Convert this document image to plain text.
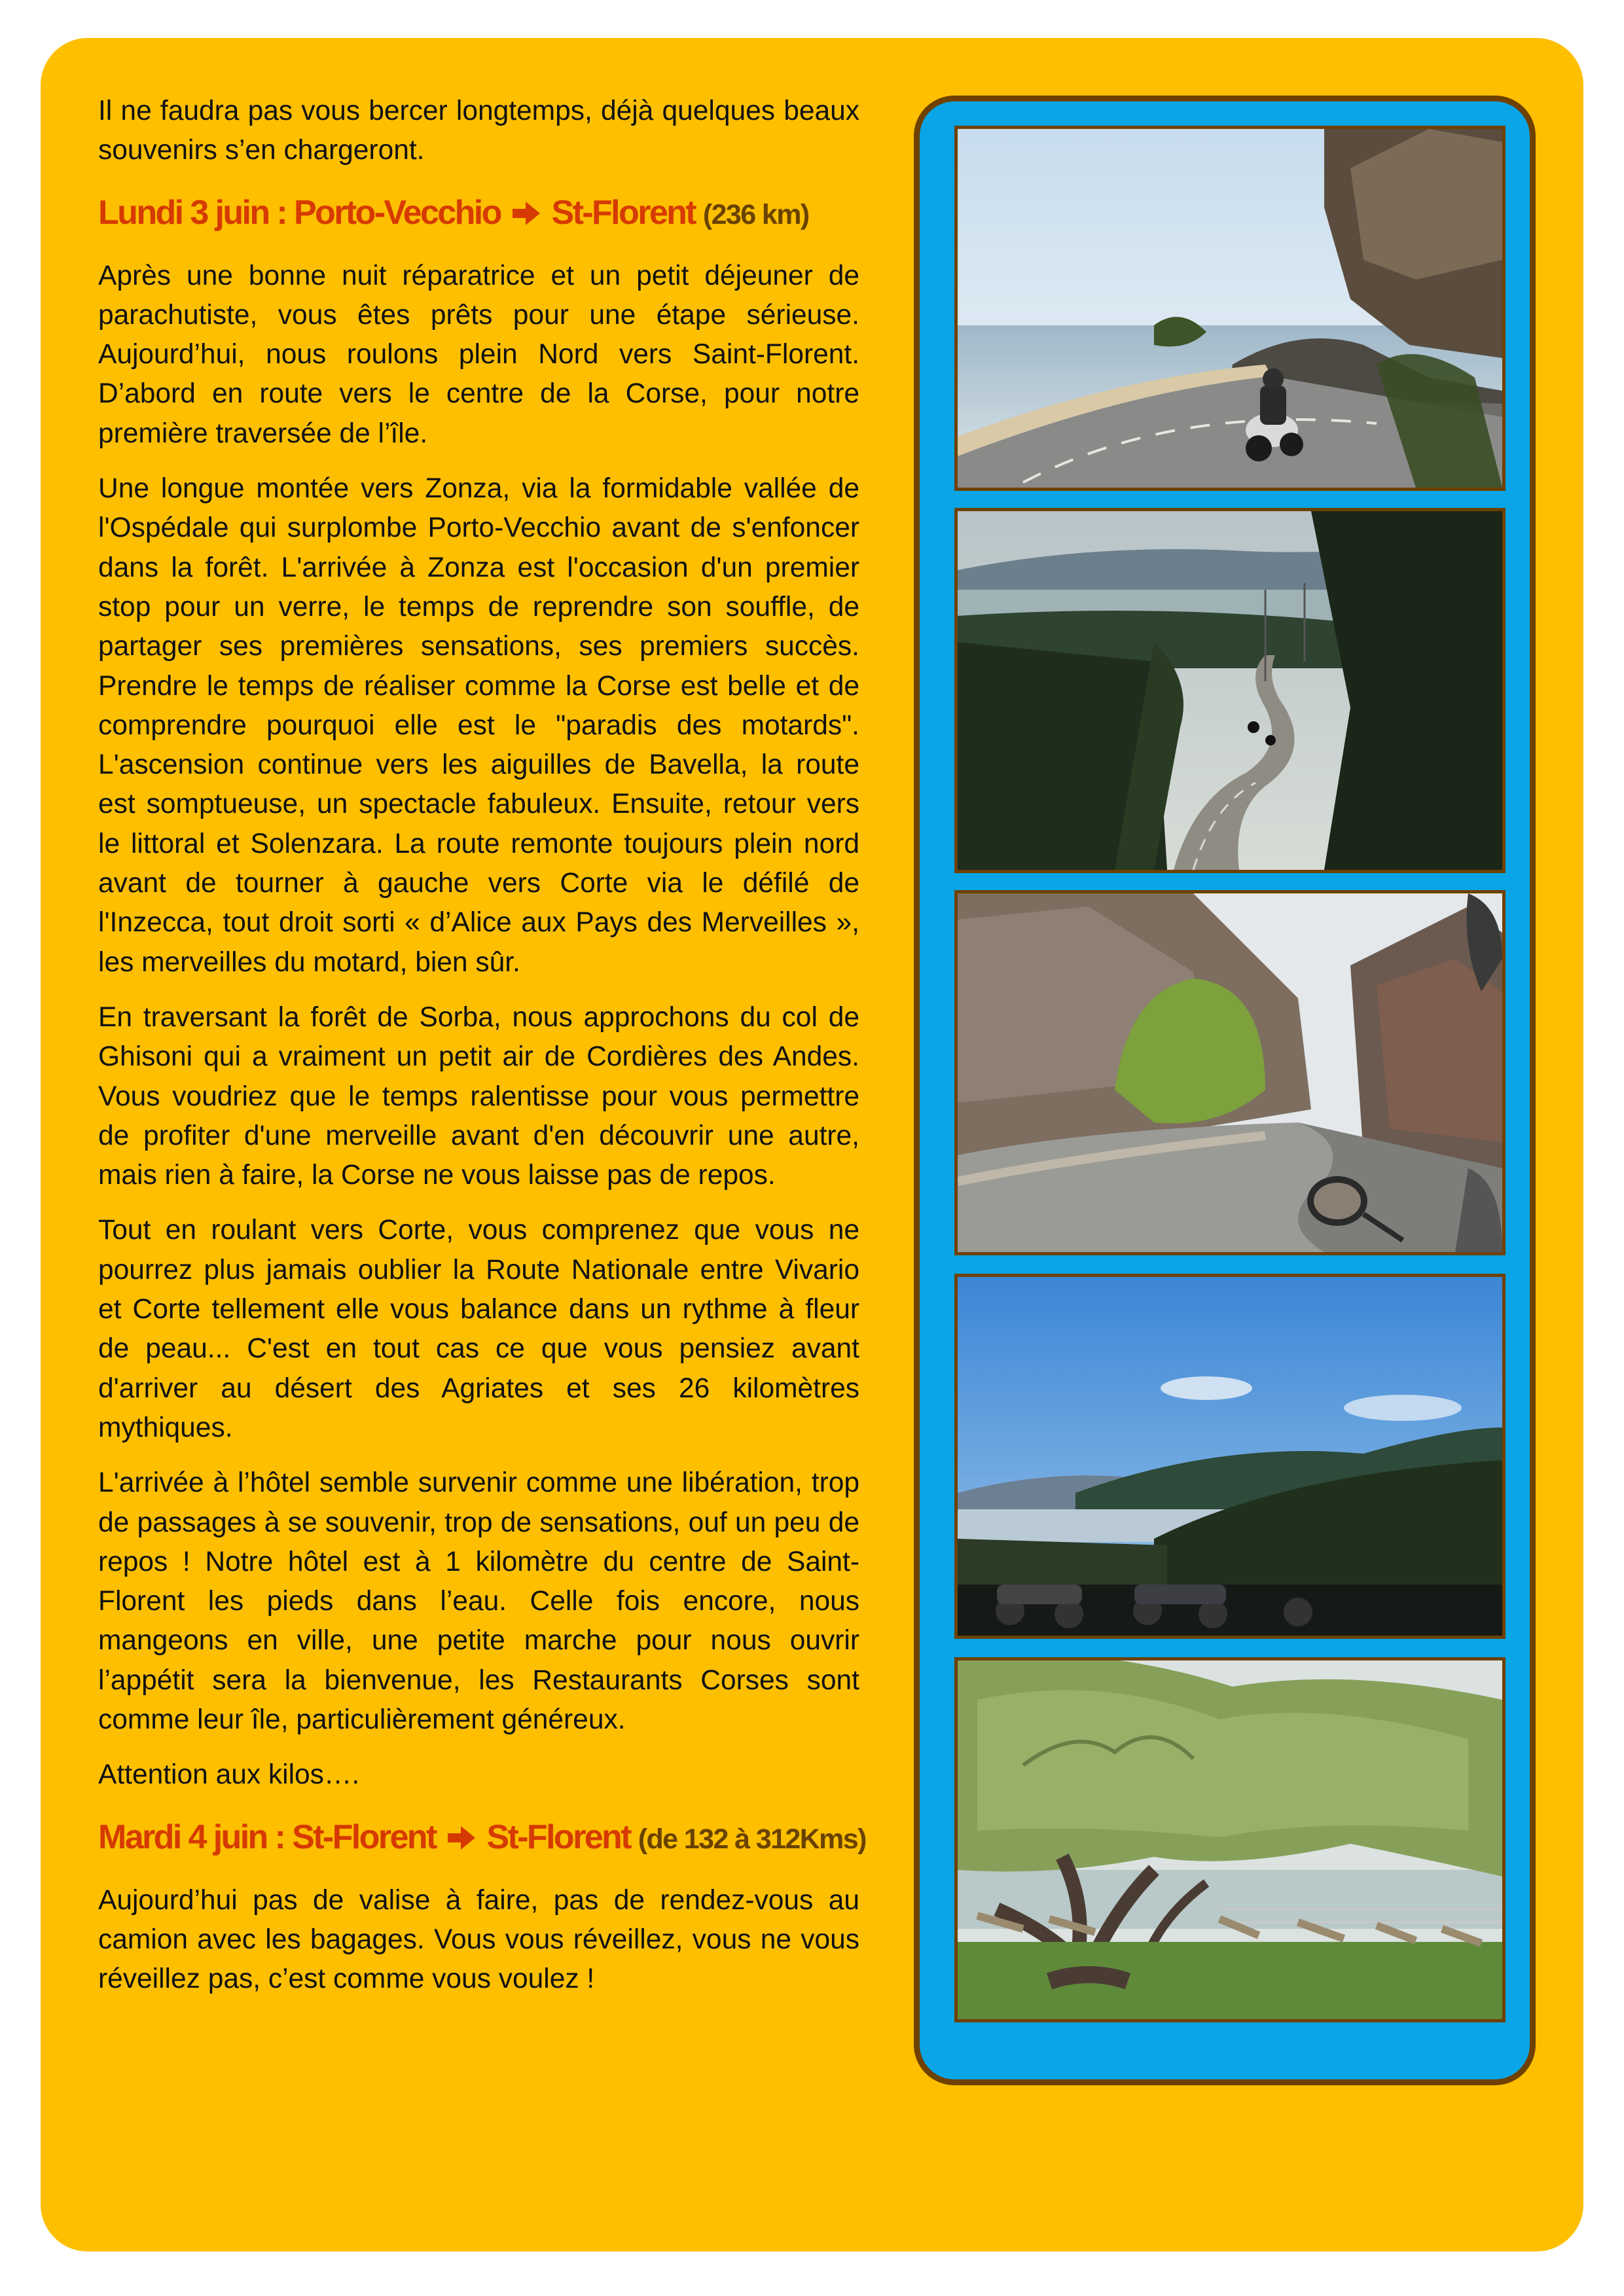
Il ne faudra pas vous bercer longtemps, déjà quelques beaux souvenirs s’en chargeront.

Lundi 3 juin : Porto-Vecchio St-Florent (236 km)

Après une bonne nuit réparatrice et un petit déjeuner de parachutiste, vous êtes prêts pour une étape sérieuse. Aujourd’hui, nous roulons plein Nord vers Saint-Florent. D’abord en route vers le centre de la Corse, pour notre première traversée de l’île.

Une longue montée vers Zonza, via la formidable vallée de l'Ospédale qui surplombe Porto-Vecchio avant de s'enfoncer dans la forêt. L'arrivée à Zonza est l'occasion d'un premier stop pour un verre, le temps de reprendre son souffle, de partager ses premières sensations, ses premiers succès. Prendre le temps de réaliser comme la Corse est belle et de comprendre pourquoi elle est le "paradis des motards". L'ascension continue vers les aiguilles de Bavella, la route est somptueuse, un spectacle fabuleux. Ensuite, retour vers le littoral et Solenzara. La route remonte toujours plein nord avant de tourner à gauche vers Corte via le défilé de l'Inzecca, tout droit sorti « d’Alice aux Pays des Merveilles », les merveilles du motard, bien sûr.

En traversant la forêt de Sorba, nous approchons du col de Ghisoni qui a vraiment un petit air de Cordières des Andes. Vous voudriez que le temps ralentisse pour vous permettre de profiter d'une merveille avant d'en découvrir une autre, mais rien à faire, la Corse ne vous laisse pas de repos.

Tout en roulant vers Corte, vous comprenez que vous ne pourrez plus jamais oublier la Route Nationale entre Vivario et Corte tellement elle vous balance dans un rythme à fleur de peau... C'est en tout cas ce que vous pensiez avant d'arriver au désert des Agriates et ses 26 kilomètres mythiques.

L'arrivée à l’hôtel semble survenir comme une libération, trop de passages à se souvenir, trop de sensations, ouf un peu de repos ! Notre hôtel est à 1 kilomètre du centre de Saint-Florent les pieds dans l’eau. Celle fois encore, nous mangeons en ville, une petite marche pour nous ouvrir l’appétit sera la bienvenue, les Restaurants Corses sont comme leur île, particulièrement généreux.

Attention aux kilos….

Mardi 4 juin : St-Florent St-Florent (de 132 à 312Kms)

Aujourd’hui pas de valise à faire, pas de rendez-vous au camion avec les bagages. Vous vous réveillez, vous ne vous réveillez pas, c’est comme vous voulez !
